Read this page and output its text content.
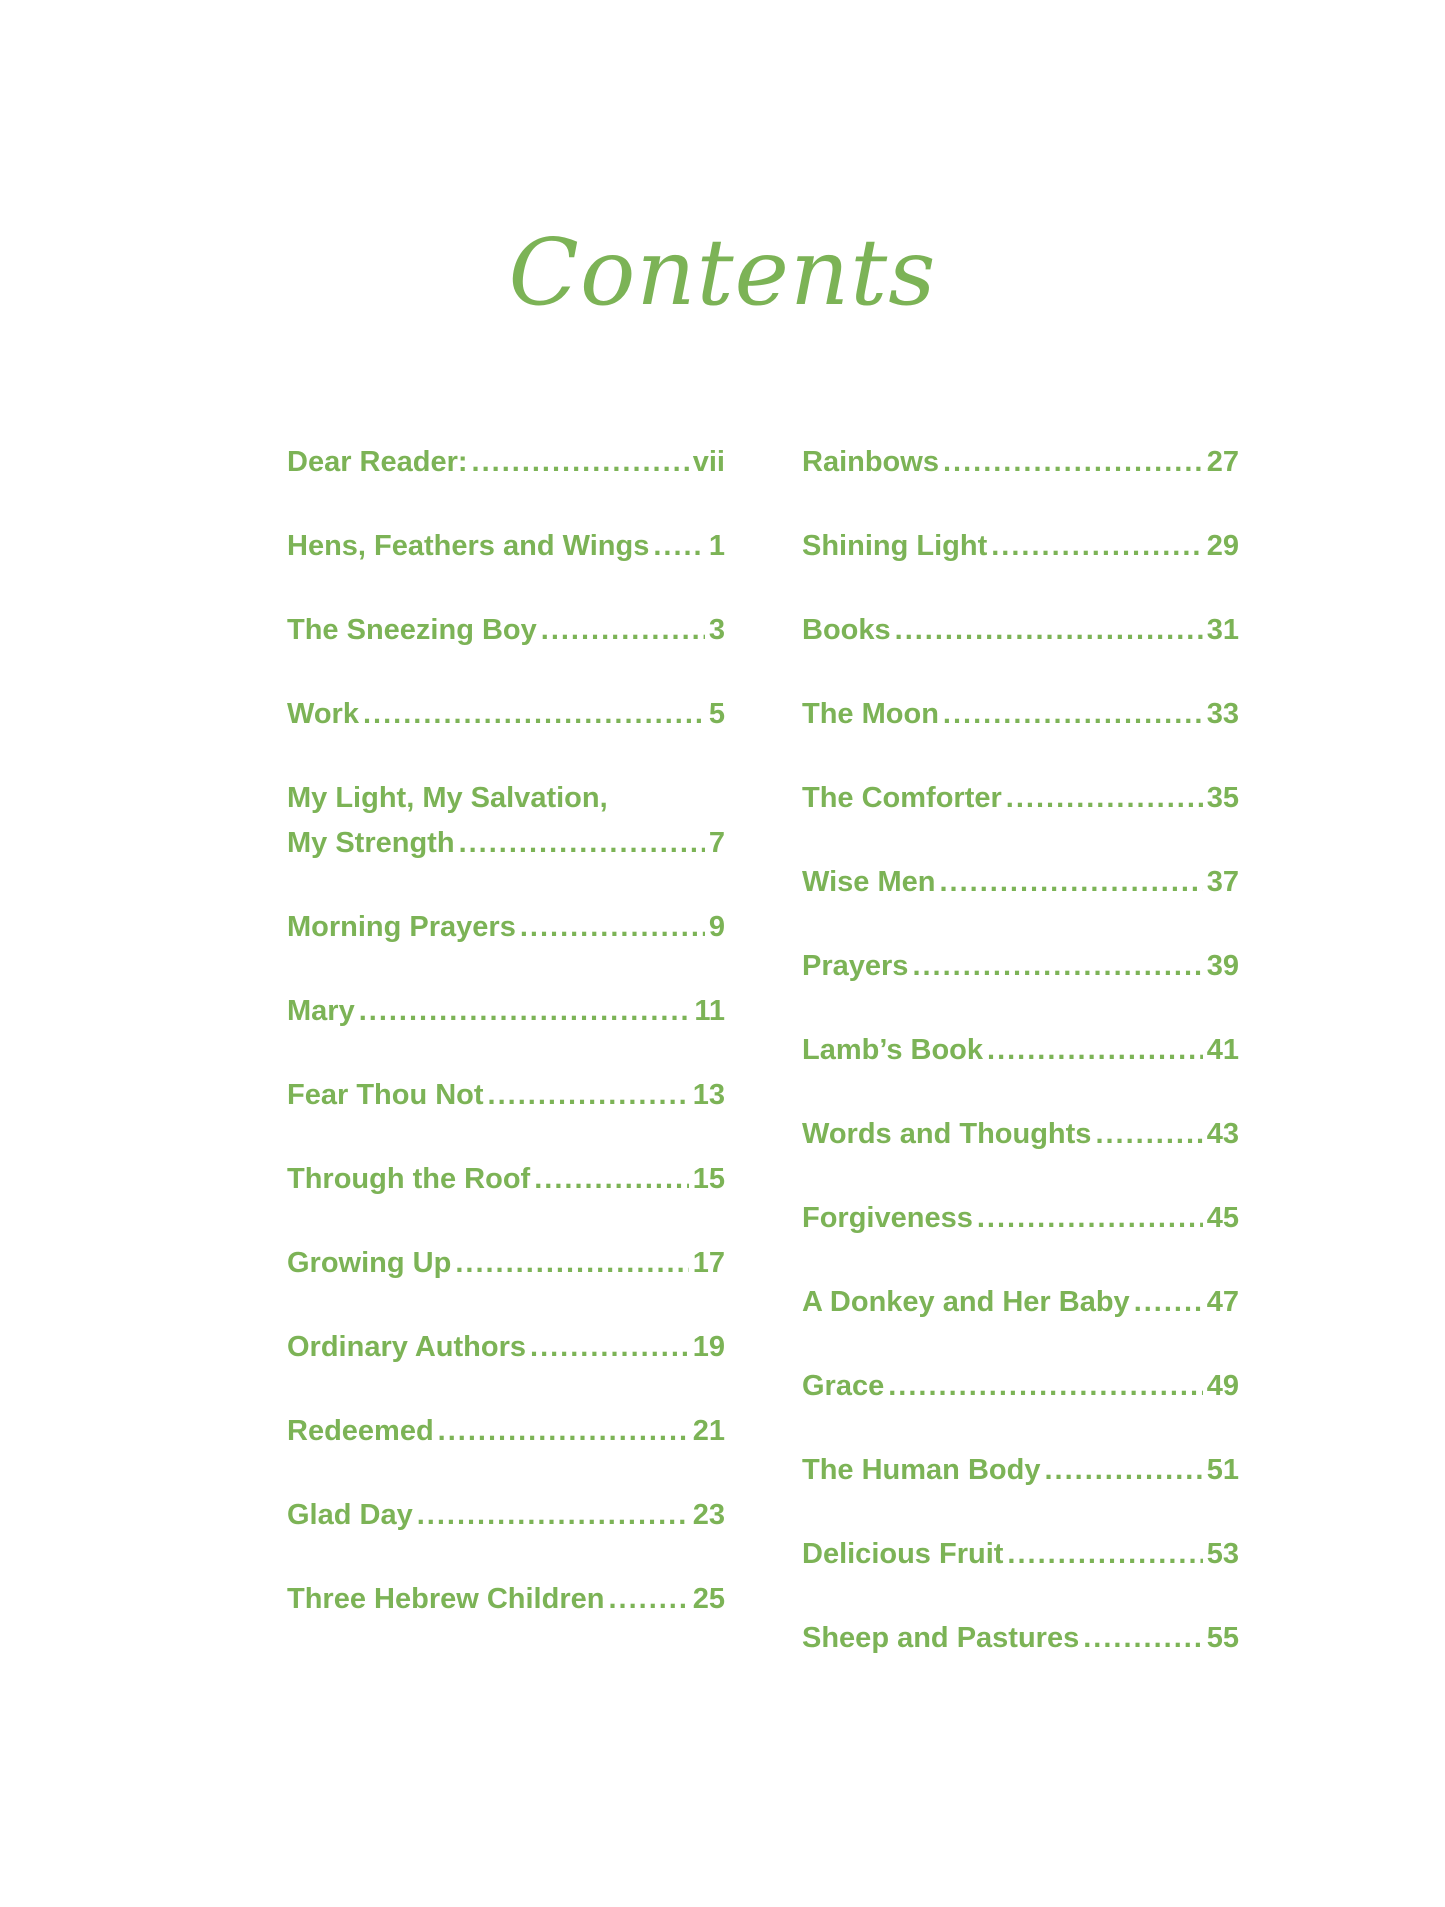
Contents
Dear Reader: .....	vii
Hens, Feathers and Wings ..... 1
The Sneezing Boy .....	3
Work .....	5
My Light, My Salvation,
My Strength .....	7
Morning Prayers .....	9
Mary .....	11
Fear Thou Not .....	13
Through the Roof .....	15
Growing Up .....	17
Ordinary Authors .....	19
Redeemed .....	21
Glad Day .....	23
Three Hebrew Children .....	25
Rainbows .....	27
Shining Light .....	29
Books .....	31
The Moon .....	33
The Comforter .....	35
Wise Men .....	37
Prayers .....	39
Lamb’s Book .....	41
Words and Thoughts .....	43
Forgiveness .....	45
A Donkey and Her Baby .....	47
Grace .....	49
The Human Body .....	51
Delicious Fruit .....	53
Sheep and Pastures .....	55
